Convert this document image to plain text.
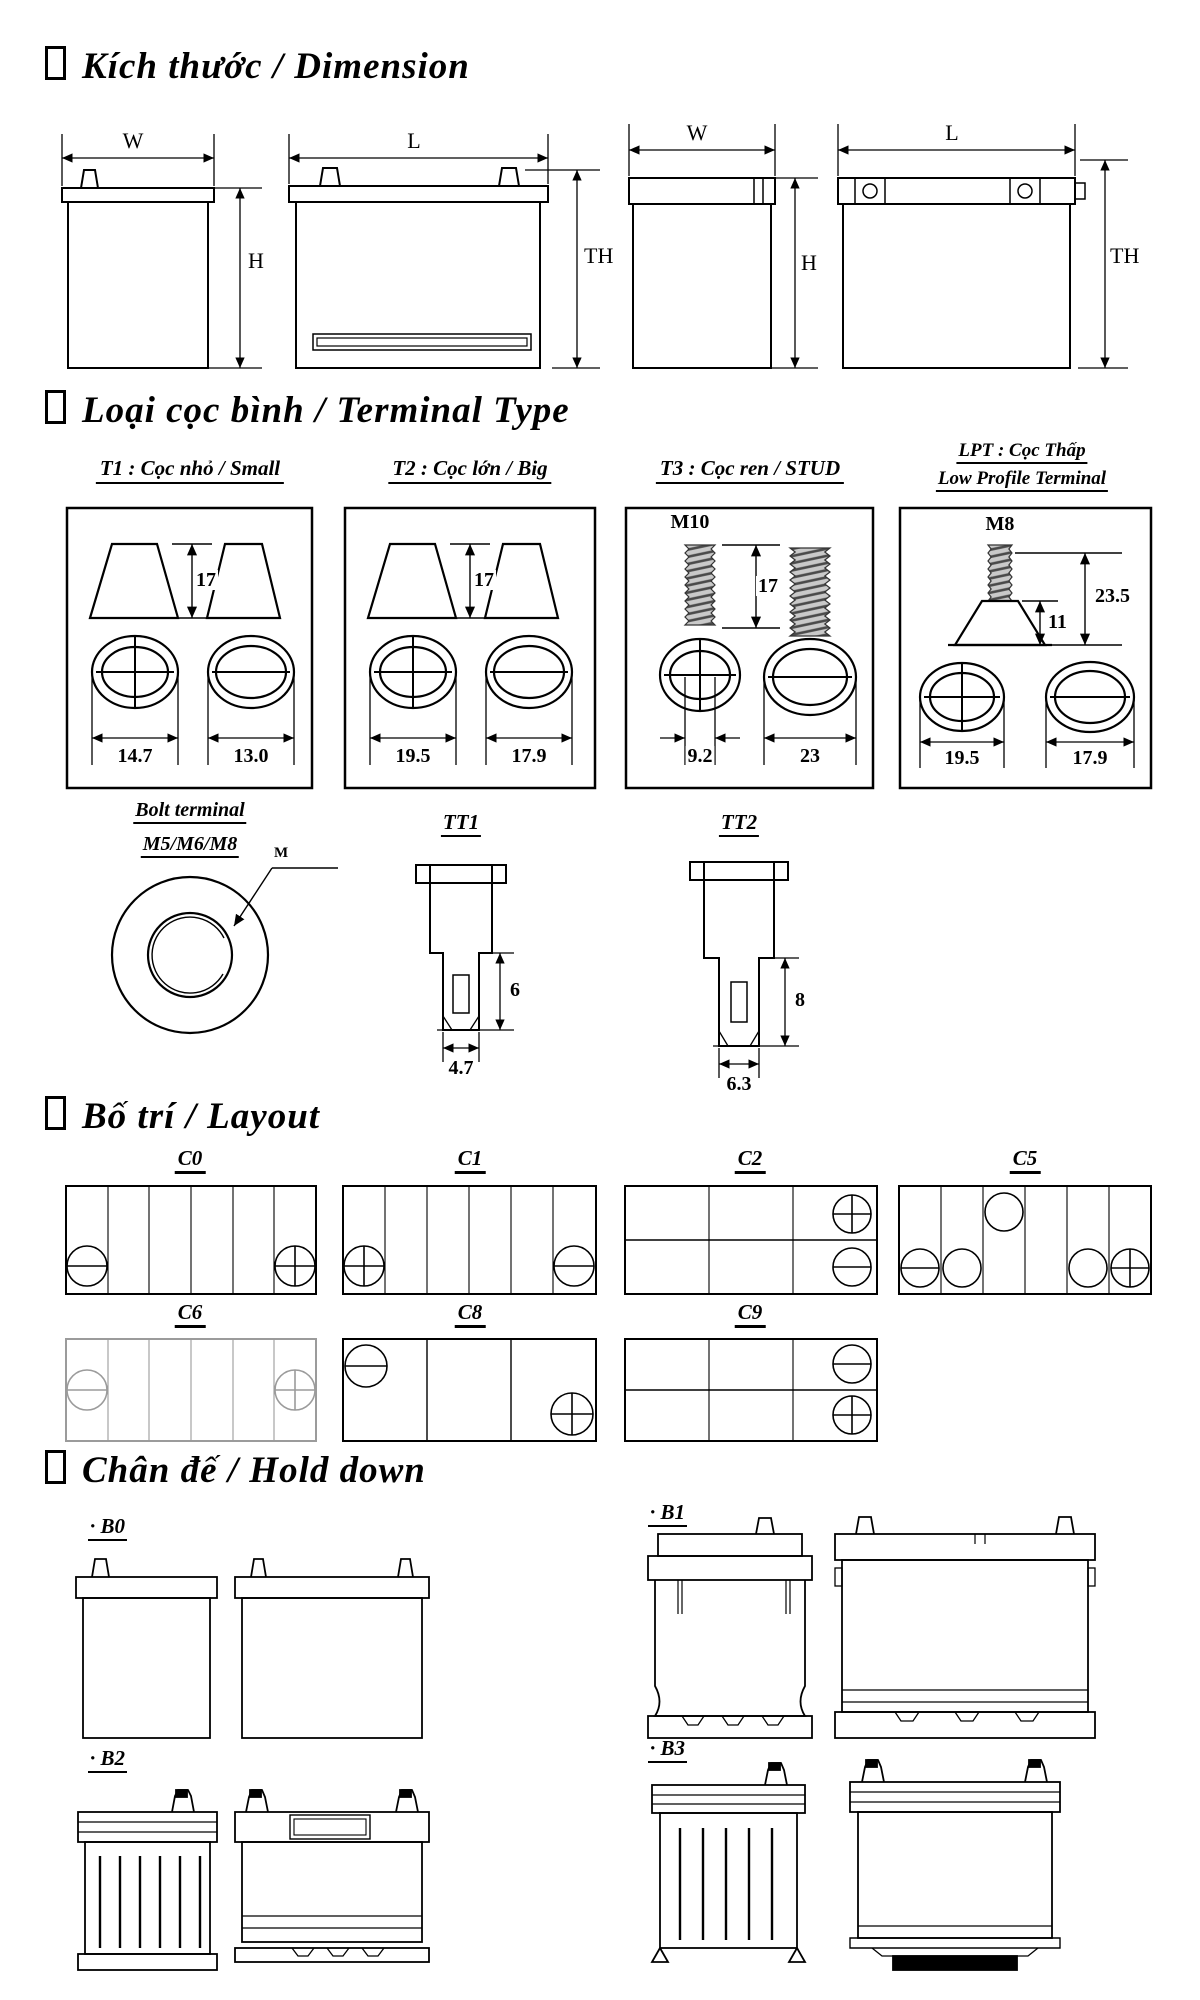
Kích thước / Dimension
W	L
H	TH
W	L
H	TH
Loại cọc bình / Terminal Type
T1 : Cọc nhỏ / Small	T2 : Cọc lớn / Big	T3 : Cọc ren / STUD
LPT : Cọc Thấp
Low Profile Terminal
17
14.7	13.0
17
19.5	17.9
M10
17
9.2	23
M8
23.5
11
19.5	17.9
Bolt terminal
M5/M6/M8 M
TT1	TT2
6
4.7
8
6.3
Bố trí / Layout
C0	C1	C2	C5
C6	C8	C9
Chân đế / Hold down
· B0
· B1
· B2	· B3
